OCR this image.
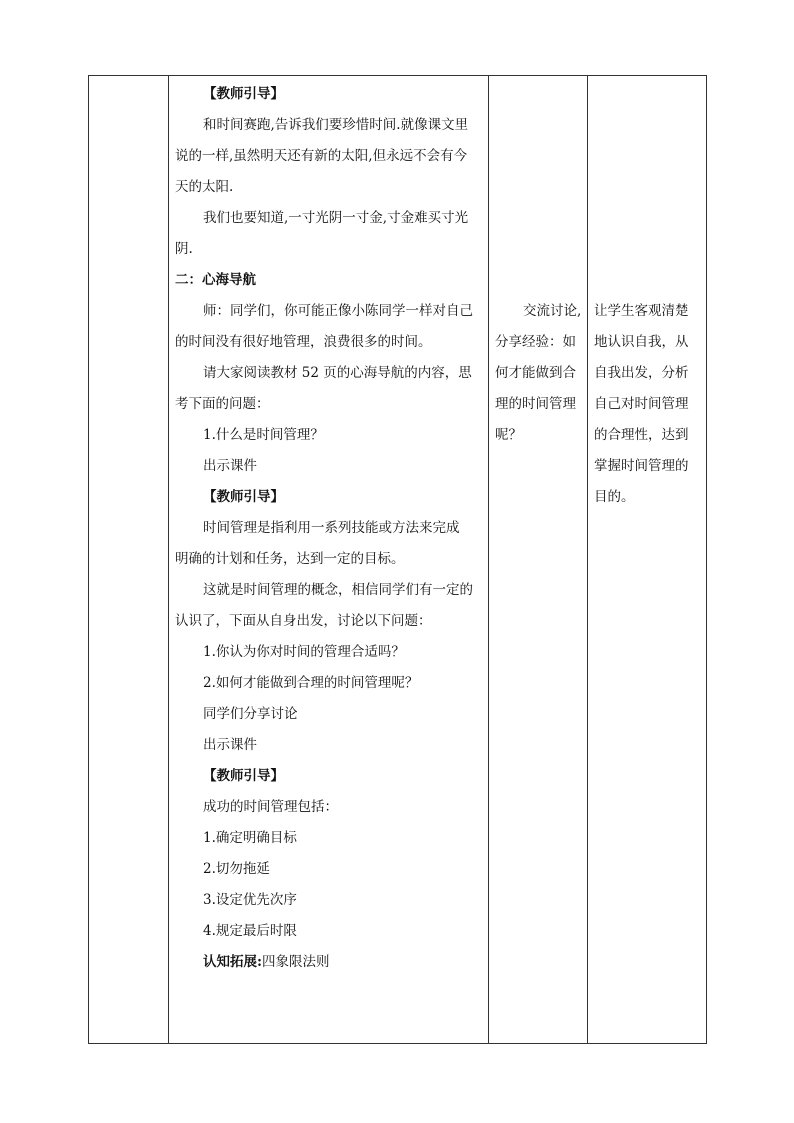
【教师引导】
和时间赛跑,告诉我们要珍惜时间.就像课文里
说的一样,虽然明天还有新的太阳,但永远不会有今
天的太阳.
我们也要知道,一寸光阴一寸金,寸金难买寸光
阴.
二：心海导航
师：同学们，你可能正像小陈同学一样对自己
的时间没有很好地管理，浪费很多的时间。
请大家阅读教材 52 页的心海导航的内容，思
考下面的问题：
1.什么是时间管理？
出示课件
【教师引导】
时间管理是指利用一系列技能或方法来完成
明确的计划和任务，达到一定的目标。
这就是时间管理的概念，相信同学们有一定的
认识了，下面从自身出发，讨论以下问题：
1.你认为你对时间的管理合适吗？
2.如何才能做到合理的时间管理呢？
同学们分享讨论
出示课件
【教师引导】
成功的时间管理包括：
1.确定明确目标
2.切勿拖延
3.设定优先次序
4.规定最后时限
认知拓展:四象限法则
交流讨论,
分享经验：如
何才能做到合
理的时间管理
呢？
让学生客观清楚
地认识自我，从
自我出发，分析
自己对时间管理
的合理性，达到
掌握时间管理的
目的。
